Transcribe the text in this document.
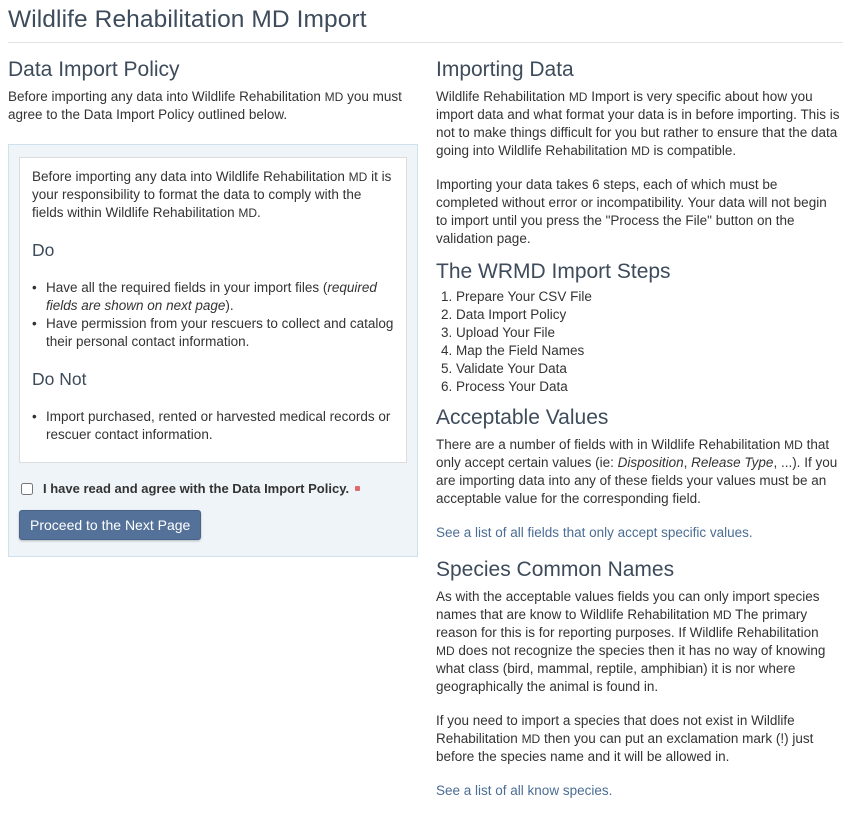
Wildlife Rehabilitation MD Import
Data Import Policy

Before importing any data into Wildlife Rehabilitation MD you must agree to the Data Import Policy outlined below.

Before importing any data into Wildlife Rehabilitation MD it is your responsibility to format the data to comply with the fields within Wildlife Rehabilitation MD.

Do
• Have all the required fields in your import files (required fields are shown on next page).
• Have permission from your rescuers to collect and catalog their personal contact information.
Do Not
• Import purchased, rented or harvested medical records or rescuer contact information.
I have read and agree with the Data Import Policy.
Proceed to the Next Page
Importing Data

Wildlife Rehabilitation MD Import is very specific about how you import data and what format your data is in before importing. This is not to make things difficult for you but rather to ensure that the data going into Wildlife Rehabilitation MD is compatible.

Importing your data takes 6 steps, each of which must be completed without error or incompatibility. Your data will not begin to import until you press the "Process the File" button on the validation page.

The WRMD Import Steps
1. Prepare Your CSV File
2. Data Import Policy
3. Upload Your File
4. Map the Field Names
5. Validate Your Data
6. Process Your Data
Acceptable Values

There are a number of fields with in Wildlife Rehabilitation MD that only accept certain values (ie: Disposition, Release Type, ...). If you are importing data into any of these fields your values must be an acceptable value for the corresponding field.

See a list of all fields that only accept specific values.

Species Common Names

As with the acceptable values fields you can only import species names that are know to Wildlife Rehabilitation MD The primary reason for this is for reporting purposes. If Wildlife Rehabilitation MD does not recognize the species then it has no way of knowing what class (bird, mammal, reptile, amphibian) it is nor where geographically the animal is found in.

If you need to import a species that does not exist in Wildlife Rehabilitation MD then you can put an exclamation mark (!) just before the species name and it will be allowed in.

See a list of all know species.
